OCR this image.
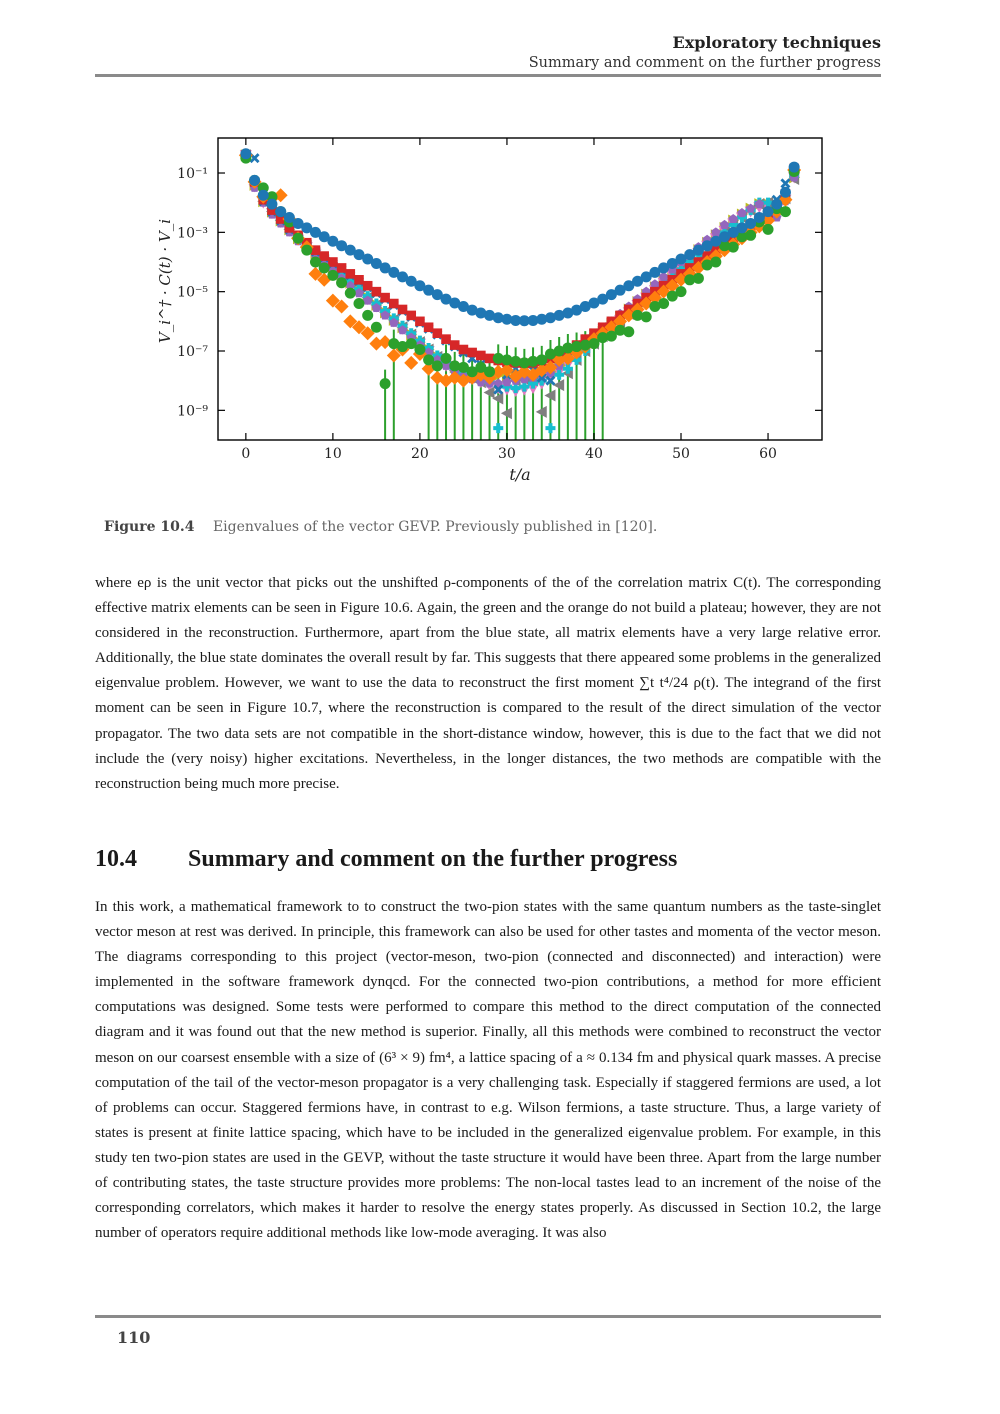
Exploratory techniques
Summary and comment on the further progress
0	10	20	30	40	50	60
10⁻¹
10⁻³
10⁻⁵
10⁻⁷
10⁻⁹
t/a
V_i^† · C(t) · V_i
Figure 10.4 Eigenvalues of the vector GEVP. Previously published in [120].

where eρ is the unit vector that picks out the unshifted ρ-components of the of the correlation matrix C(t). The corresponding effective matrix elements can be seen in Figure 10.6. Again, the green and the orange do not build a plateau; however, they are not considered in the reconstruction. Furthermore, apart from the blue state, all matrix elements have a very large relative error. Additionally, the blue state dominates the overall result by far. This suggests that there appeared some problems in the generalized eigenvalue problem. However, we want to use the data to reconstruct the first moment ∑t t⁴/24 ρ(t). The integrand of the first moment can be seen in Figure 10.7, where the reconstruction is compared to the result of the direct simulation of the vector propagator. The two data sets are not compatible in the short-distance window, however, this is due to the fact that we did not include the (very noisy) higher excitations. Nevertheless, in the longer distances, the two methods are compatible with the reconstruction being much more precise.

10.4 Summary and comment on the further progress

In this work, a mathematical framework to to construct the two-pion states with the same quantum numbers as the taste-singlet vector meson at rest was derived. In principle, this framework can also be used for other tastes and momenta of the vector meson. The diagrams corresponding to this project (vector-meson, two-pion (connected and disconnected) and interaction) were implemented in the software framework dynqcd. For the connected two-pion contributions, a method for more efficient computations was designed. Some tests were performed to compare this method to the direct computation of the connected diagram and it was found out that the new method is superior. Finally, all this methods were combined to reconstruct the vector meson on our coarsest ensemble with a size of (6³ × 9) fm⁴, a lattice spacing of a ≈ 0.134 fm and physical quark masses. A precise computation of the tail of the vector-meson propagator is a very challenging task. Especially if staggered fermions are used, a lot of problems can occur. Staggered fermions have, in contrast to e.g. Wilson fermions, a taste structure. Thus, a large variety of states is present at finite lattice spacing, which have to be included in the generalized eigenvalue problem. For example, in this study ten two-pion states are used in the GEVP, without the taste structure it would have been three. Apart from the large number of contributing states, the taste structure provides more problems: The non-local tastes lead to an increment of the noise of the corresponding correlators, which makes it harder to resolve the energy states properly. As discussed in Section 10.2, the large number of operators require additional methods like low-mode averaging. It was also

110
